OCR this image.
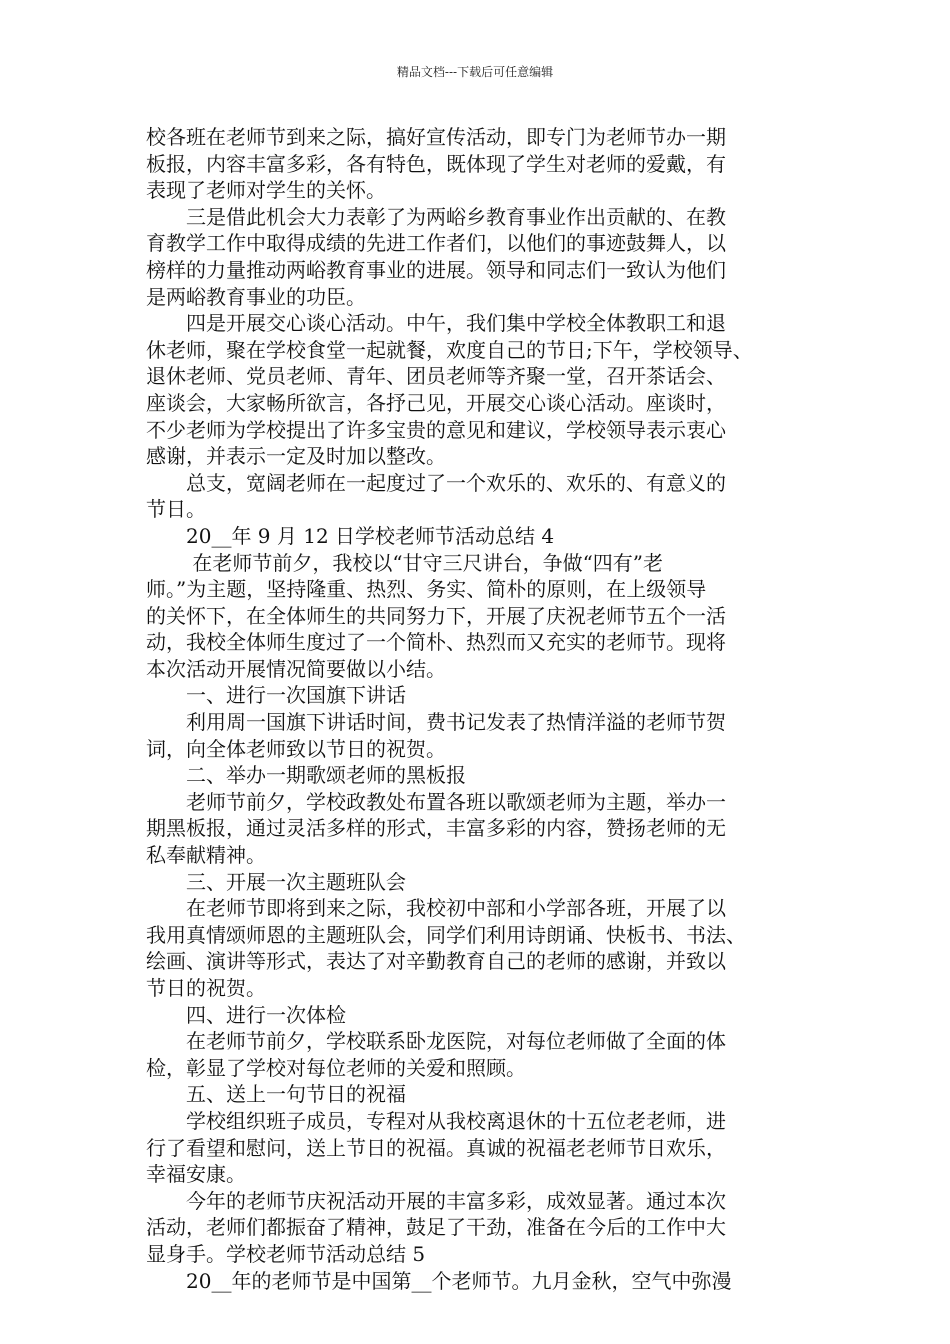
精品文档---下载后可任意编辑
校各班在老师节到来之际，搞好宣传活动，即专门为老师节办一期
板报，内容丰富多彩，各有特色，既体现了学生对老师的爱戴，有
表现了老师对学生的关怀。
　　三是借此机会大力表彰了为两峪乡教育事业作出贡献的、在教
育教学工作中取得成绩的先进工作者们，以他们的事迹鼓舞人，以
榜样的力量推动两峪教育事业的进展。领导和同志们一致认为他们
是两峪教育事业的功臣。
　　四是开展交心谈心活动。中午，我们集中学校全体教职工和退
休老师，聚在学校食堂一起就餐，欢度自己的节日;下午，学校领导、
退休老师、党员老师、青年、团员老师等齐聚一堂，召开茶话会、
座谈会，大家畅所欲言，各抒己见，开展交心谈心活动。座谈时，
不少老师为学校提出了许多宝贵的意见和建议，学校领导表示衷心
感谢，并表示一定及时加以整改。
　　总支，宽阔老师在一起度过了一个欢乐的、欢乐的、有意义的
节日。
　　20__年 9 月 12 日学校老师节活动总结 4
　　 在老师节前夕，我校以“甘守三尺讲台，争做“四有”老
师。”为主题，坚持隆重、热烈、务实、简朴的原则，在上级领导
的关怀下，在全体师生的共同努力下，开展了庆祝老师节五个一活
动，我校全体师生度过了一个简朴、热烈而又充实的老师节。现将
本次活动开展情况简要做以小结。
　　一、进行一次国旗下讲话
　　利用周一国旗下讲话时间，费书记发表了热情洋溢的老师节贺
词，向全体老师致以节日的祝贺。
　　二、举办一期歌颂老师的黑板报
　　老师节前夕，学校政教处布置各班以歌颂老师为主题，举办一
期黑板报，通过灵活多样的形式，丰富多彩的内容，赞扬老师的无
私奉献精神。
　　三、开展一次主题班队会
　　在老师节即将到来之际，我校初中部和小学部各班，开展了以
我用真情颂师恩的主题班队会，同学们利用诗朗诵、快板书、书法、
绘画、演讲等形式，表达了对辛勤教育自己的老师的感谢，并致以
节日的祝贺。
　　四、进行一次体检
　　在老师节前夕，学校联系卧龙医院，对每位老师做了全面的体
检，彰显了学校对每位老师的关爱和照顾。
　　五、送上一句节日的祝福
　　学校组织班子成员，专程对从我校离退休的十五位老老师，进
行了看望和慰问，送上节日的祝福。真诚的祝福老老师节日欢乐，
幸福安康。
　　今年的老师节庆祝活动开展的丰富多彩，成效显著。通过本次
活动，老师们都振奋了精神，鼓足了干劲，准备在今后的工作中大
显身手。学校老师节活动总结 5
　　20__年的老师节是中国第__个老师节。九月金秋，空气中弥漫
